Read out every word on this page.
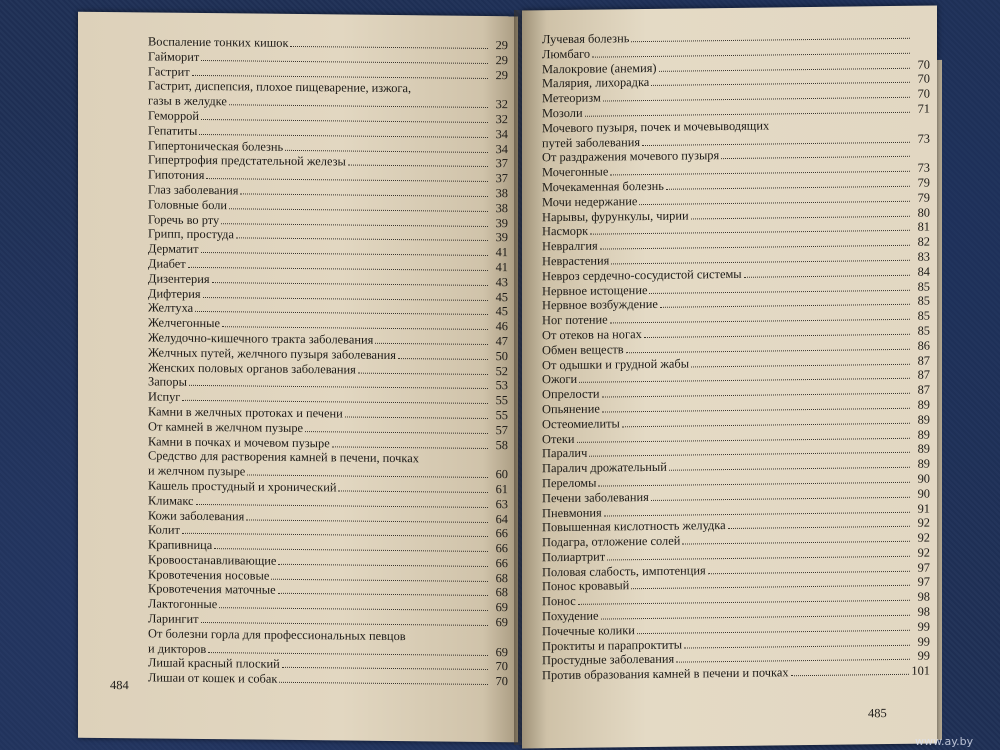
Воспаление тонких кишок	29
Гайморит	29
Гастрит	29
Гастрит, диспепсия, плохое пищеварение, изжога,
газы в желудке	32
Геморрой	32
Гепатиты	34
Гипертоническая болезнь	34
Гипертрофия предстательной железы	37
Гипотония	37
Глаз заболевания	38
Головные боли	38
Горечь во рту	39
Грипп, простуда	39
Дерматит	41
Диабет	41
Дизентерия	43
Дифтерия	45
Желтуха	45
Желчегонные	46
Желудочно-кишечного тракта заболевания	47
Желчных путей, желчного пузыря заболевания	50
Женских половых органов заболевания	52
Запоры	53
Испуг	55
Камни в желчных протоках и печени	55
От камней в желчном пузыре	57
Камни в почках и мочевом пузыре	58
Средство для растворения камней в печени, почках
и желчном пузыре	60
Кашель простудный и хронический	61
Климакс	63
Кожи заболевания	64
Колит	66
Крапивница	66
Кровоостанавливающие	66
Кровотечения носовые	68
Кровотечения маточные	68
Лактогонные	69
Ларингит	69
От болезни горла для профессиональных певцов
и дикторов	69
Лишай красный плоский	70
Лишаи от кошек и собак	70
484
Лучевая болезнь
Люмбаго
Малокровие (анемия)	70
Малярия, лихорадка	70
Метеоризм	70
Мозоли	71
Мочевого пузыря, почек и мочевыводящих
путей заболевания	73
От раздражения мочевого пузыря
Мочегонные	73
Мочекаменная болезнь	79
Мочи недержание	79
Нарывы, фурункулы, чирии	80
Насморк	81
Невралгия	82
Неврастения	83
Невроз сердечно-сосудистой системы	84
Нервное истощение	85
Нервное возбуждение	85
Ног потение	85
От отеков на ногах	85
Обмен веществ	86
От одышки и грудной жабы	87
Ожоги	87
Опрелости	87
Опьянение	89
Остеомиелиты	89
Отеки	89
Паралич	89
Паралич дрожательный	89
Переломы	90
Печени заболевания	90
Пневмония	91
Повышенная кислотность желудка	92
Подагра, отложение солей	92
Полиартрит	92
Половая слабость, импотенция	97
Понос кровавый	97
Понос	98
Похудение	98
Почечные колики	99
Проктиты и парапроктиты	99
Простудные заболевания	99
Против образования камней в печени и почках	101
485
www.ay.by
